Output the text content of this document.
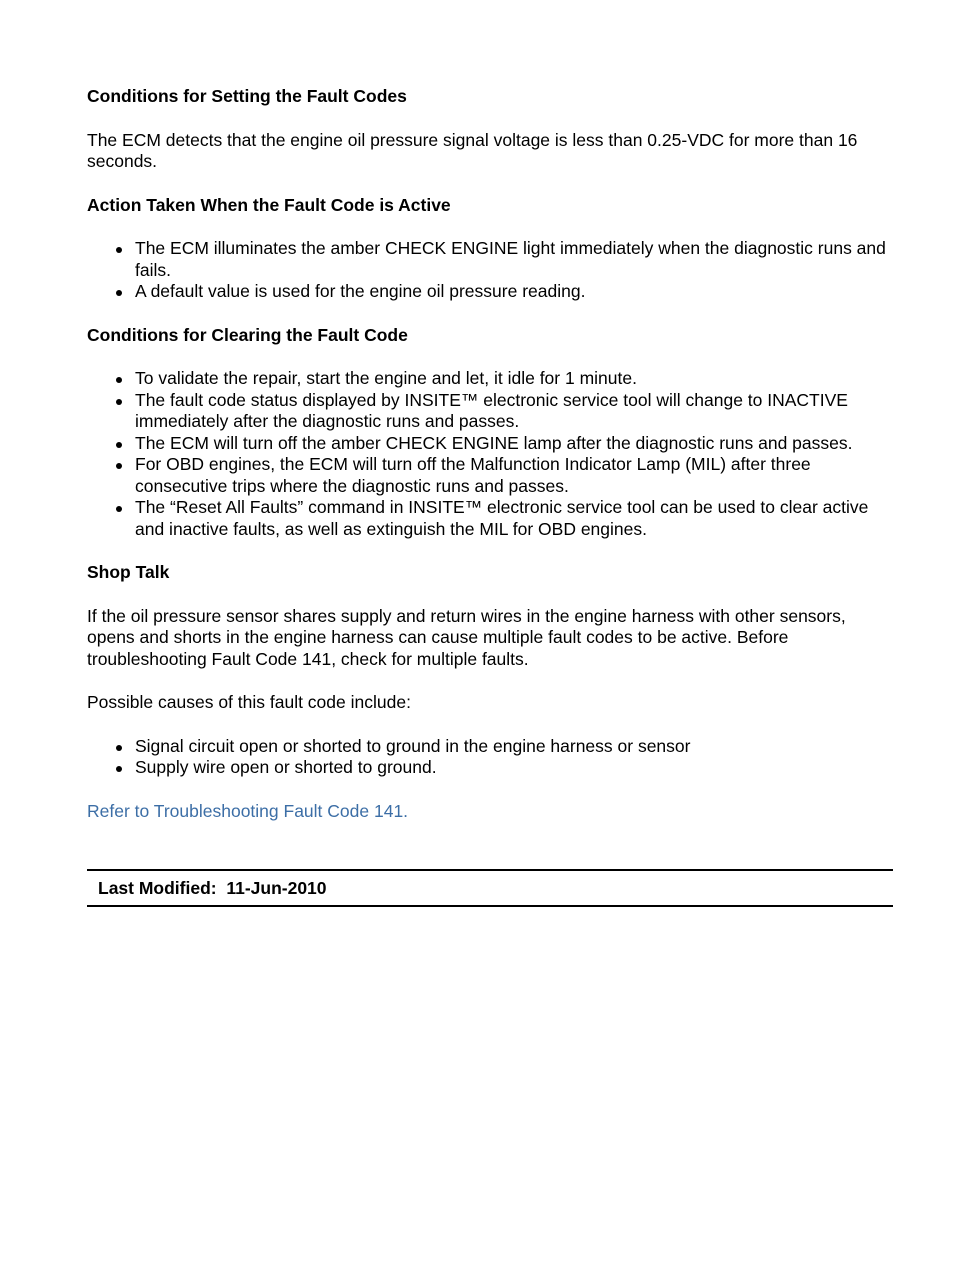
Conditions for Setting the Fault Codes
The ECM detects that the engine oil pressure signal voltage is less than 0.25-VDC for more than 16 seconds.
Action Taken When the Fault Code is Active
The ECM illuminates the amber CHECK ENGINE light immediately when the diagnostic runs and fails.
A default value is used for the engine oil pressure reading.
Conditions for Clearing the Fault Code
To validate the repair, start the engine and let, it idle for 1 minute.
The fault code status displayed by INSITE™ electronic service tool will change to INACTIVE immediately after the diagnostic runs and passes.
The ECM will turn off the amber CHECK ENGINE lamp after the diagnostic runs and passes.
For OBD engines, the ECM will turn off the Malfunction Indicator Lamp (MIL) after three consecutive trips where the diagnostic runs and passes.
The “Reset All Faults” command in INSITE™ electronic service tool can be used to clear active and inactive faults, as well as extinguish the MIL for OBD engines.
Shop Talk
If the oil pressure sensor shares supply and return wires in the engine harness with other sensors, opens and shorts in the engine harness can cause multiple fault codes to be active. Before troubleshooting Fault Code 141, check for multiple faults.
Possible causes of this fault code include:
Signal circuit open or shorted to ground in the engine harness or sensor
Supply wire open or shorted to ground.
Refer to Troubleshooting Fault Code 141.
Last Modified:  11-Jun-2010
